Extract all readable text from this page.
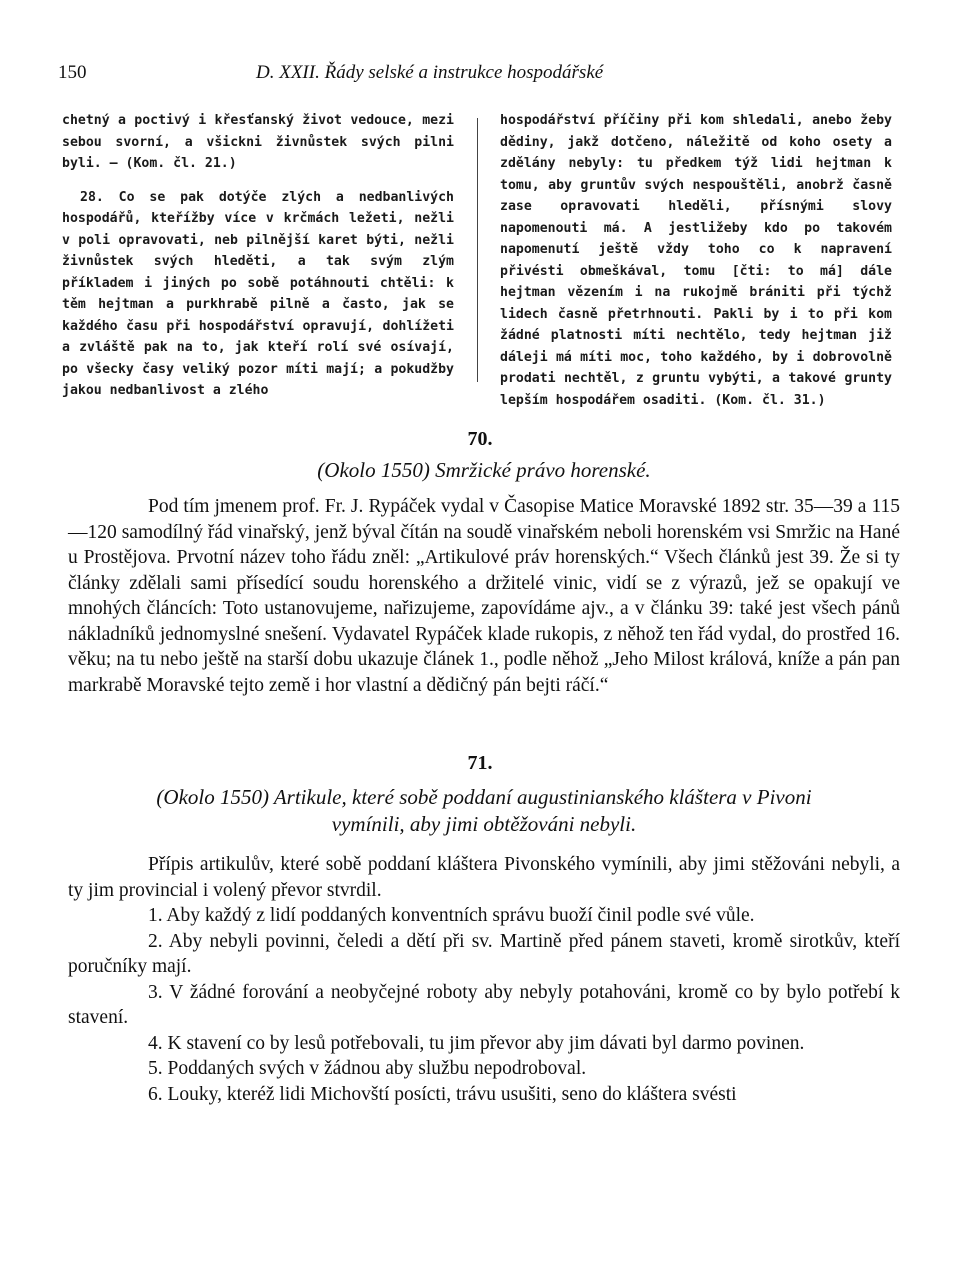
150	D. XXII. Řády selské a instrukce hospodářské

chetný a poctivý i křesťanský život vedouce, mezi sebou svorní, a všickni živnůstek svých pilni byli. — (Kom. čl. 21.)

28. Co se pak dotýče zlých a nedbanlivých hospodářů, kteřížby více v krčmách ležeti, nežli v poli opravovati, neb pilnější karet býti, nežli živnůstek svých hleděti, a tak svým zlým příkladem i jiných po sobě potáhnouti chtěli: k těm hejtman a purkhrabě pilně a často, jak se každého času při hospodářství opravují, dohlížeti a zvláště pak na to, jak kteří rolí své osívají, po všecky časy veliký pozor míti mají; a pokudžby jakou nedbanlivost a zlého

hospodářství příčiny při kom shledali, anebo žeby dědiny, jakž dotčeno, náležitě od koho osety a zdělány nebyly: tu předkem týž lidi hejtman k tomu, aby gruntův svých nespouštěli, anobrž časně zase opravovati hleděli, přísnými slovy napomenouti má. A jestližeby kdo po takovém napomenutí ještě vždy toho co k napravení přivésti obmeškával, tomu [čti: to má] dále hejtman vězením i na rukojmě brániti při týchž lidech časně přetrhnouti. Pakli by i to při kom žádné platnosti míti nechtělo, tedy hejtman již dáleji má míti moc, toho každého, by i dobrovolně prodati nechtěl, z gruntu vybýti, a takové grunty lepším hospodářem osaditi. (Kom. čl. 31.)

70.
(Okolo 1550) Smržické právo horenské.

Pod tím jmenem prof. Fr. J. Rypáček vydal v Časopise Matice Moravské 1892 str. 35—39 a 115—120 samodílný řád vinařský, jenž býval čítán na soudě vinařském neboli horenském vsi Smržic na Hané u Prostějova. Prvotní název toho řádu zněl: „Artikulové práv horenských.“ Všech článků jest 39. Že si ty články zdělali sami přísedící soudu horenského a držitelé vinic, vidí se z výrazů, jež se opakují ve mnohých článcích: Toto ustanovujeme, nařizujeme, zapovídáme ajv., a v článku 39: také jest všech pánů nákladníků jednomyslné snešení. Vydavatel Rypáček klade rukopis, z něhož ten řád vydal, do prostřed 16. věku; na tu nebo ještě na starší dobu ukazuje článek 1., podle něhož „Jeho Milost králová, kníže a pán pan markrabě Moravské tejto země i hor vlastní a dědičný pán bejti ráčí.“

71.
(Okolo 1550) Artikule, které sobě poddaní augustinianského kláštera v Pivoni
vymínili, aby jimi obtěžováni nebyli.

Přípis artikulův, které sobě poddaní kláštera Pivonského vymínili, aby jimi stěžováni nebyli, a ty jim provincial i volený převor stvrdil.

1. Aby každý z lidí poddaných konventních správu buoží činil podle své vůle.

2. Aby nebyli povinni, čeledi a dětí při sv. Martině před pánem staveti, kromě sirotkův, kteří poručníky mají.

3. V žádné forování a neobyčejné roboty aby nebyly potahováni, kromě co by bylo potřebí k stavení.

4. K stavení co by lesů potřebovali, tu jim převor aby jim dávati byl darmo povinen.

5. Poddaných svých v žádnou aby službu nepodroboval.

6. Louky, kteréž lidi Michovští posícti, trávu usušiti, seno do kláštera svésti
